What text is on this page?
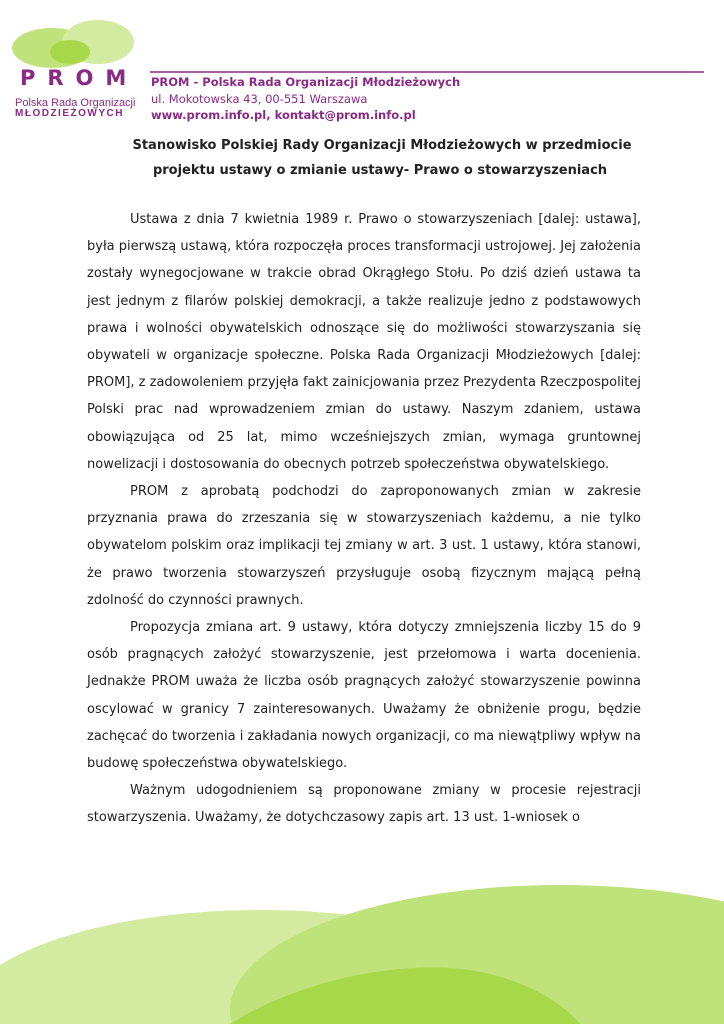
PROM
Polska Rada Organizacji
MŁODZIEŻOWYCH
PROM - Polska Rada Organizacji Młodzieżowych
ul. Mokotowska 43, 00-551 Warszawa
www.prom.info.pl, kontakt@prom.info.pl
Stanowisko Polskiej Rady Organizacji Młodzieżowych w przedmiocie
projektu ustawy o zmianie ustawy- Prawo o stowarzyszeniach

Ustawa z dnia 7 kwietnia 1989 r. Prawo o stowarzyszeniach [dalej: ustawa], była pierwszą ustawą, która rozpoczęła proces transformacji ustrojowej. Jej założenia zostały wynegocjowane w trakcie obrad Okrągłego Stołu. Po dziś dzień ustawa ta jest jednym z filarów polskiej demokracji, a także realizuje jedno z podstawowych prawa i wolności obywatelskich odnoszące się do możliwości stowarzyszania się obywateli w organizacje społeczne. Polska Rada Organizacji Młodzieżowych [dalej: PROM], z zadowoleniem przyjęła fakt zainicjowania przez Prezydenta Rzeczpospolitej Polski prac nad wprowadzeniem zmian do ustawy. Naszym zdaniem, ustawa obowiązująca od 25 lat, mimo wcześniejszych zmian, wymaga gruntownej nowelizacji i dostosowania do obecnych potrzeb społeczeństwa obywatelskiego.

PROM z aprobatą podchodzi do zaproponowanych zmian w zakresie przyznania prawa do zrzeszania się w stowarzyszeniach każdemu, a nie tylko obywatelom polskim oraz implikacji tej zmiany w art. 3 ust. 1 ustawy, która stanowi, że prawo tworzenia stowarzyszeń przysługuje osobą fizycznym mającą pełną zdolność do czynności prawnych.

Propozycja zmiana art. 9 ustawy, która dotyczy zmniejszenia liczby 15 do 9 osób pragnących założyć stowarzyszenie, jest przełomowa i warta docenienia. Jednakże PROM uważa że liczba osób pragnących założyć stowarzyszenie powinna oscylować w granicy 7 zainteresowanych. Uważamy że obniżenie progu, będzie zachęcać do tworzenia i zakładania nowych organizacji, co ma niewątpliwy wpływ na budowę społeczeństwa obywatelskiego.

Ważnym udogodnieniem są proponowane zmiany w procesie rejestracji stowarzyszenia. Uważamy, że dotychczasowy zapis art. 13 ust. 1-wniosek o
